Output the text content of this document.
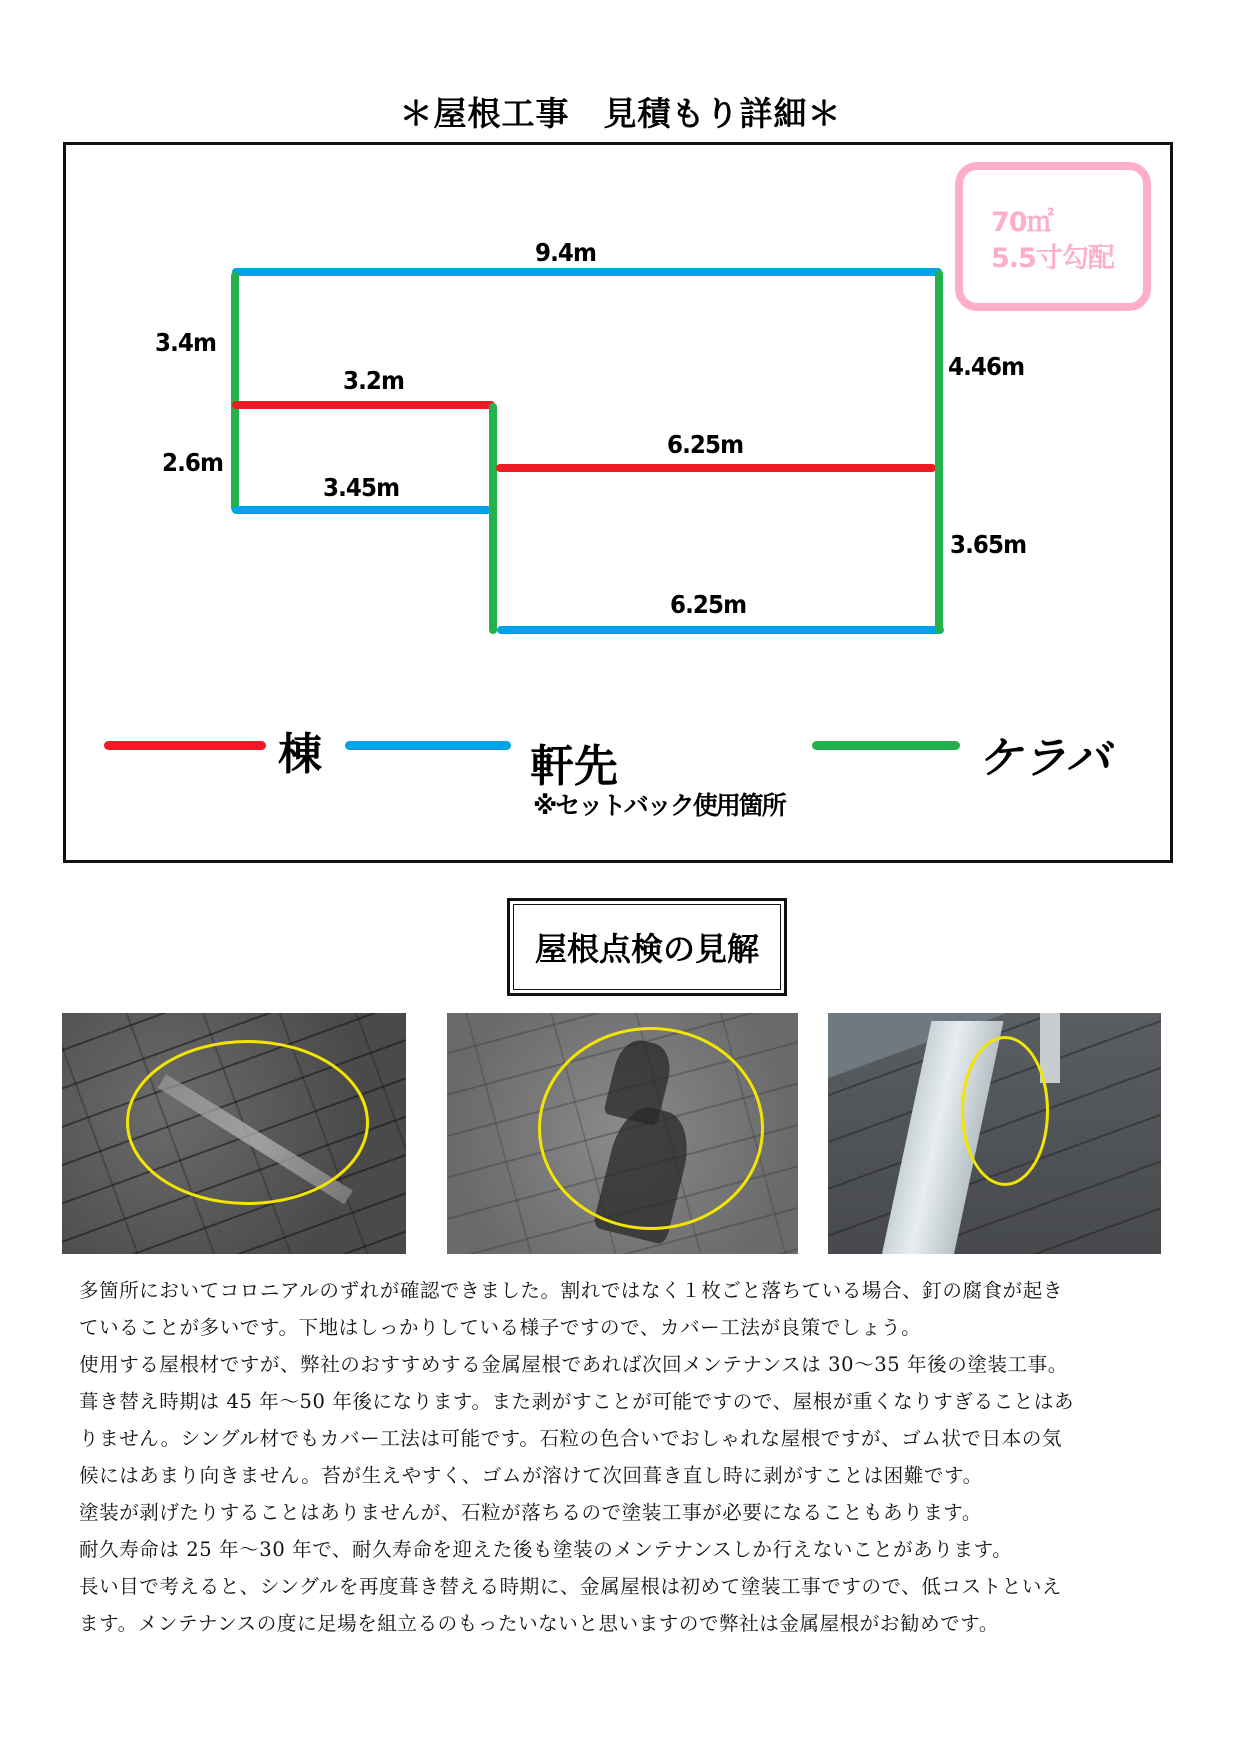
＊屋根工事　見積もり詳細＊
9.4m
3.4m
3.2m
2.6m
3.45m
6.25m
6.25m
4.46m
3.65m
70㎡
5.5寸勾配
棟	軒先
※セットバック使用箇所
ケラバ
屋根点検の見解

多箇所においてコロニアルのずれが確認できました。割れではなく１枚ごと落ちている場合、釘の腐食が起き

ていることが多いです。下地はしっかりしている様子ですので、カバー工法が良策でしょう。

使用する屋根材ですが、弊社のおすすめする金属屋根であれば次回メンテナンスは 30～35 年後の塗装工事。

葺き替え時期は 45 年～50 年後になります。また剥がすことが可能ですので、屋根が重くなりすぎることはあ

りません。シングル材でもカバー工法は可能です。石粒の色合いでおしゃれな屋根ですが、ゴム状で日本の気

候にはあまり向きません。苔が生えやすく、ゴムが溶けて次回葺き直し時に剥がすことは困難です。

塗装が剥げたりすることはありませんが、石粒が落ちるので塗装工事が必要になることもあります。

耐久寿命は 25 年～30 年で、耐久寿命を迎えた後も塗装のメンテナンスしか行えないことがあります。

長い目で考えると、シングルを再度葺き替える時期に、金属屋根は初めて塗装工事ですので、低コストといえ

ます。メンテナンスの度に足場を組立るのもったいないと思いますので弊社は金属屋根がお勧めです。
